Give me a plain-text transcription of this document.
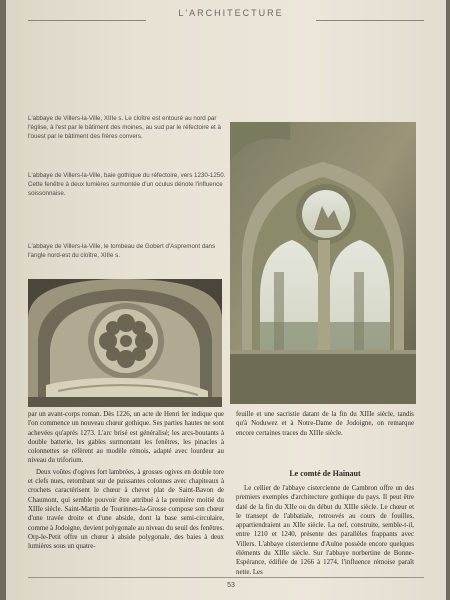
L'ARCHITECTURE
L'abbaye de Villers-la-Ville, XIIIe s. Le cloître est entouré au nord par l'église, à l'est par le bâtiment des moines, au sud par le réfectoire et à l'ouest par le bâtiment des frères convers.
L'abbaye de Villers-la-Ville, baie gothique du réfectoire, vers 1230-1250. Cette fenêtre à deux lumières surmontée d'un oculus dénote l'influence soissonnaise.
L'abbaye de Villers-la-Ville, le tombeau de Gobert d'Aspremont dans l'angle nord-est du cloître, XIIIe s.

par un avant-corps roman. Dès 1226, un acte de Henri Ier indique que l'on commence un nouveau chœur gothique. Ses parties hautes ne sont achevées qu'après 1273. L'arc brisé est généralisé; les arcs-boutants à double batterie, les gables surmontant les fenêtres, les pinacles à colonnettes se réfèrent au modèle rémois, adapté avec lourdeur au niveau du triforium.

Deux voûtes d'ogives fort lambrées, à grosses ogives en double tore et clefs nues, retombant sur de puissantes colonnes avec chapiteaux à crochets caractérisent le chœur à chevet plat de Saint-Bavon de Chaumont, qui semble pouvoir être attribué à la première moitié du XIIIe siècle. Saint-Martin de Tourinnes-la-Grosse compose son chœur d'une travée droite et d'une abside, dont la base semi-circulaire, comme à Jodoigne, devient polygonale au niveau du seuil des fenêtres. Orp-le-Petit offre un chœur à abside polygonale, des baies à deux lumières sous un quatre-

feuille et une sacristie datant de la fin du XIIIe siècle, tandis qu'à Noduwez et à Notre-Dame de Jodoigne, on remarque encore certaines traces du XIIIe siècle.

Le comté de Hainaut

Le cellier de l'abbaye cistercienne de Cambron offre un des premiers exemples d'architecture gothique du pays. Il peut être daté de la fin du XIIe ou du début du XIIIe siècle. Le chœur et le transept de l'abbatiale, retrouvés au cours de fouilles, appartiendraient au XIIe siècle. La nef, construite, semble-t-il, entre 1210 et 1240, présente des parallèles frappants avec Villers. L'abbaye cistercienne d'Aulne possède encore quelques éléments du XIIIe siècle. Sur l'abbaye norbertine de Bonne-Espérance, édifiée de 1266 à 1274, l'influence rémoise paraît nette. Les

53
